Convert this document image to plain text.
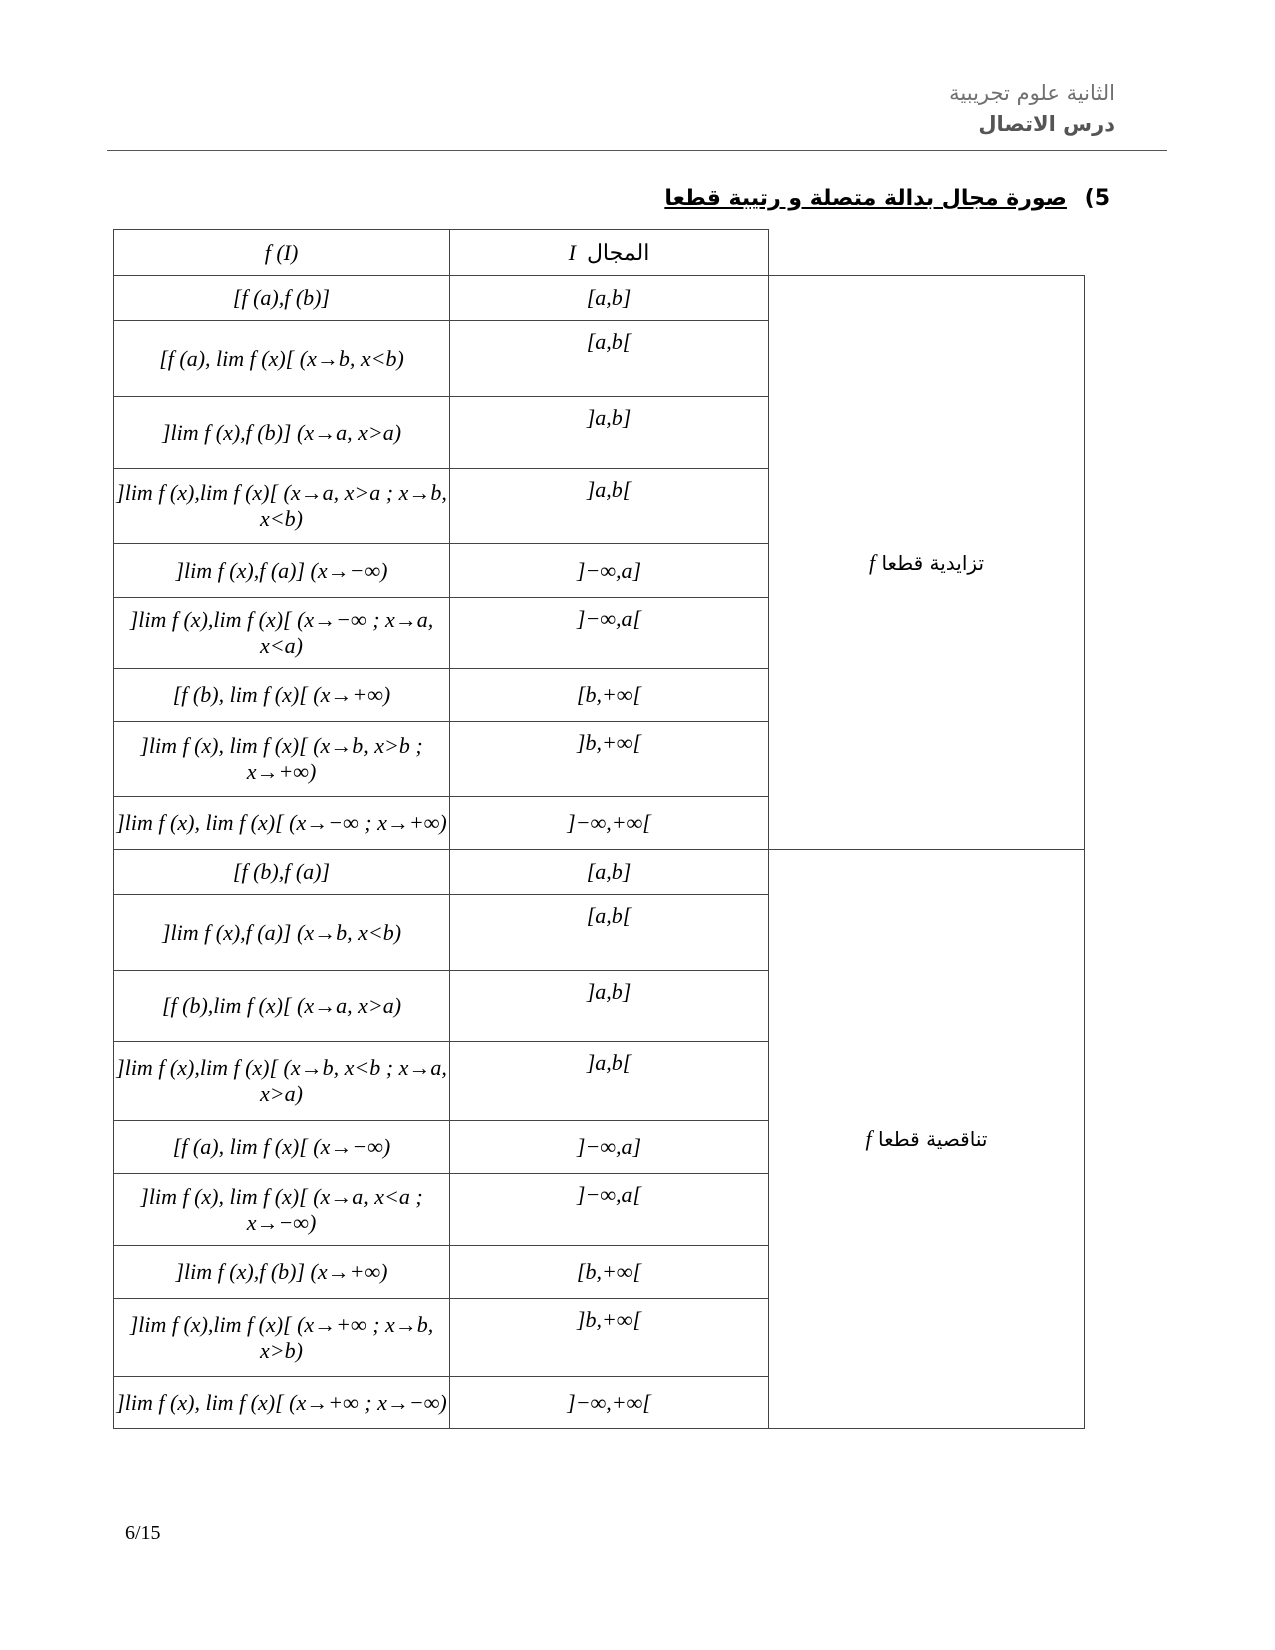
الثانية علوم تجريبية
درس الاتصال
5) صورة مجال بدالة متصلة و رتيبة قطعا
f (I)	المجال  I	
[f (a),f (b)]	[a,b]	f تزايدية قطعا
[f (a), lim f (x)[ (x→b, x<b)	[a,b[	
]lim f (x),f (b)] (x→a, x>a)	]a,b]	
]lim f (x),lim f (x)[ (x→a, x>a ; x→b, x<b)	]a,b[	
]lim f (x),f (a)] (x→−∞)	]−∞,a]	
]lim f (x),lim f (x)[ (x→−∞ ; x→a, x<a)	]−∞,a[	
[f (b), lim f (x)[ (x→+∞)	[b,+∞[	
]lim f (x), lim f (x)[ (x→b, x>b ; x→+∞)	]b,+∞[	
]lim f (x), lim f (x)[ (x→−∞ ; x→+∞)	]−∞,+∞[	
[f (b),f (a)]	[a,b]	f تناقصية قطعا
]lim f (x),f (a)] (x→b, x<b)	[a,b[	
[f (b),lim f (x)[ (x→a, x>a)	]a,b]	
]lim f (x),lim f (x)[ (x→b, x<b ; x→a, x>a)	]a,b[	
[f (a), lim f (x)[ (x→−∞)	]−∞,a]	
]lim f (x), lim f (x)[ (x→a, x<a ; x→−∞)	]−∞,a[	
]lim f (x),f (b)] (x→+∞)	[b,+∞[	
]lim f (x),lim f (x)[ (x→+∞ ; x→b, x>b)	]b,+∞[	
]lim f (x), lim f (x)[ (x→+∞ ; x→−∞)	]−∞,+∞[	
6/15
